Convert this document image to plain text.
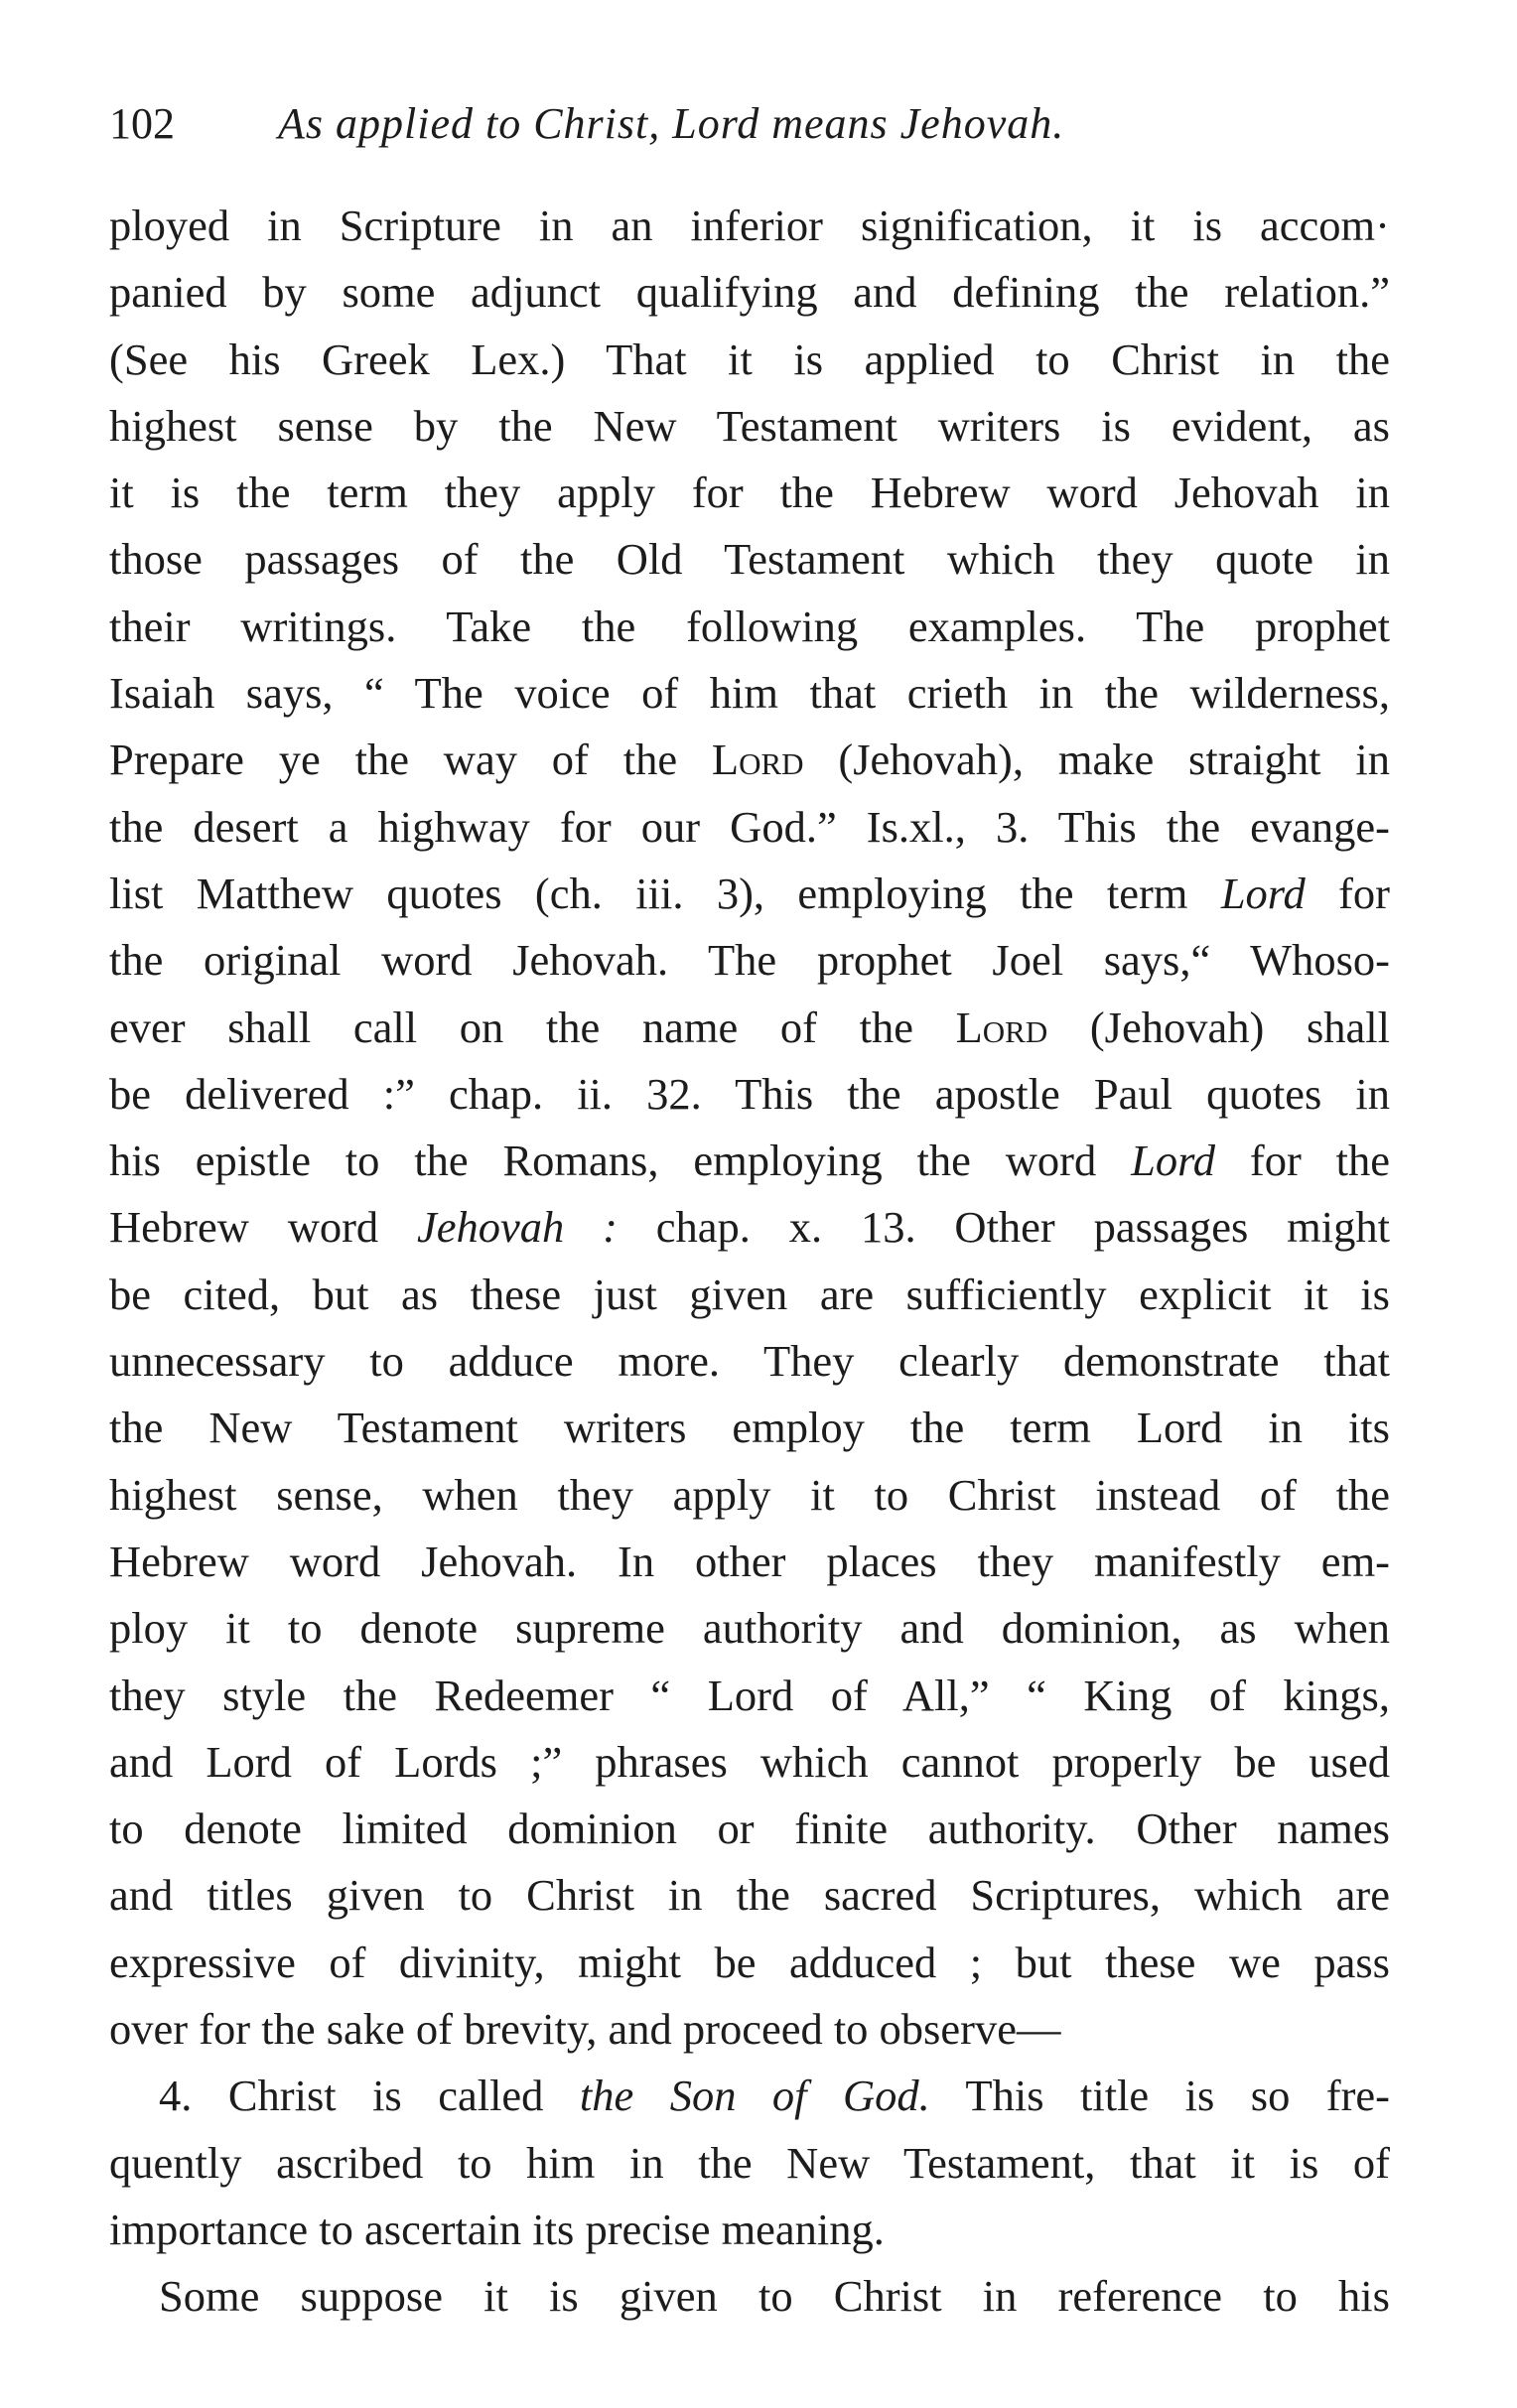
102	As applied to Christ, Lord means Jehovah.
ployed in Scripture in an inferior signification, it is accom·
panied by some adjunct qualifying and defining the relation.”
(See his Greek Lex.) That it is applied to Christ in the
highest sense by the New Testament writers is evident, as
it is the term they apply for the Hebrew word Jehovah in
those passages of the Old Testament which they quote in
their writings. Take the following examples. The prophet
Isaiah says, “ The voice of him that crieth in the wilderness,
Prepare ye the way of the Lord (Jehovah), make straight in
the desert a highway for our God.” Is.xl., 3. This the evange-
list Matthew quotes (ch. iii. 3), employing the term Lord for
the original word Jehovah. The prophet Joel says,“ Whoso-
ever shall call on the name of the Lord (Jehovah) shall
be delivered :” chap. ii. 32. This the apostle Paul quotes in
his epistle to the Romans, employing the word Lord for the
Hebrew word Jehovah : chap. x. 13. Other passages might
be cited, but as these just given are sufficiently explicit it is
unnecessary to adduce more. They clearly demonstrate that
the New Testament writers employ the term Lord in its
highest sense, when they apply it to Christ instead of the
Hebrew word Jehovah. In other places they manifestly em-
ploy it to denote supreme authority and dominion, as when
they style the Redeemer “ Lord of All,” “ King of kings,
and Lord of Lords ;” phrases which cannot properly be used
to denote limited dominion or finite authority. Other names
and titles given to Christ in the sacred Scriptures, which are
expressive of divinity, might be adduced ; but these we pass
over for the sake of brevity, and proceed to observe—
4. Christ is called the Son of God. This title is so fre-
quently ascribed to him in the New Testament, that it is of
importance to ascertain its precise meaning.
Some suppose it is given to Christ in reference to his
